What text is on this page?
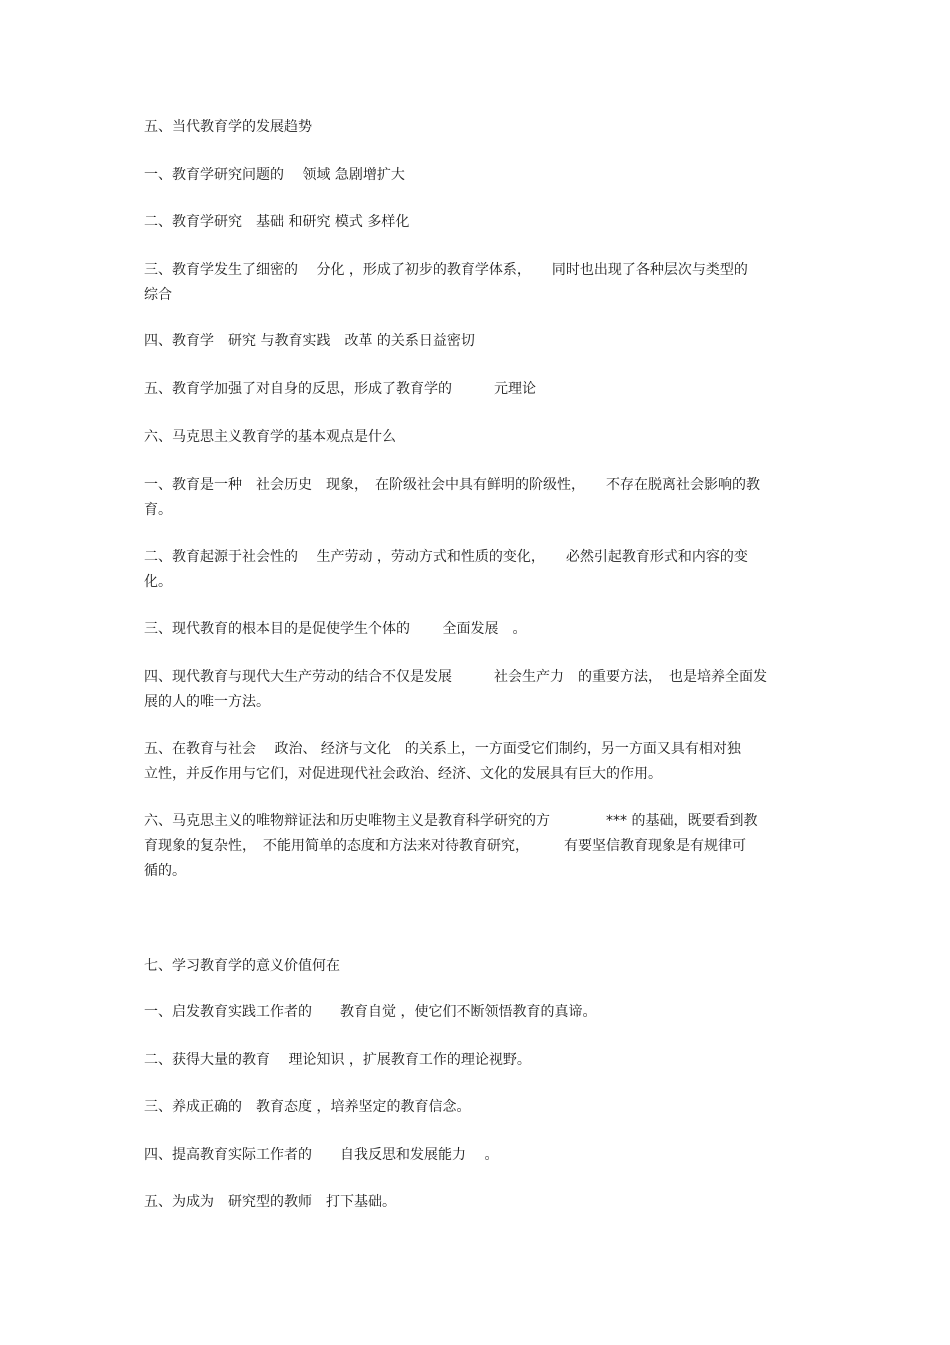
五、当代教育学的发展趋势

一、教育学研究问题的　 领域 急剧增扩大

二、教育学研究　基础 和研究 模式 多样化

三、教育学发生了细密的　 分化 ，形成了初步的教育学体系，　　同时也出现了各种层次与类型的

综合

四、教育学　研究 与教育实践　改革 的关系日益密切

五、教育学加强了对自身的反思，形成了教育学的　　　元理论

六、马克思主义教育学的基本观点是什么

一、教育是一种　社会历史　现象，　在阶级社会中具有鲜明的阶级性，　　不存在脱离社会影响的教

育。

二、教育起源于社会性的　 生产劳动 ，劳动方式和性质的变化，　　必然引起教育形式和内容的变

化。

三、现代教育的根本目的是促使学生个体的　　 全面发展　。

四、现代教育与现代大生产劳动的结合不仅是发展　　　社会生产力　的重要方法，　也是培养全面发

展的人的唯一方法。

五、在教育与社会　 政治、 经济与文化　的关系上，一方面受它们制约，另一方面又具有相对独

立性，并反作用与它们，对促进现代社会政治、经济、文化的发展具有巨大的作用。

六、马克思主义的唯物辩证法和历史唯物主义是教育科学研究的方　　　　*** 的基础，既要看到教

育现象的复杂性，　不能用简单的态度和方法来对待教育研究，　　　有要坚信教育现象是有规律可

循的。

七、学习教育学的意义价值何在

一、启发教育实践工作者的　　教育自觉 ，使它们不断领悟教育的真谛。

二、获得大量的教育　 理论知识 ，扩展教育工作的理论视野。

三、养成正确的　教育态度 ，培养坚定的教育信念。

四、提高教育实际工作者的　　自我反思和发展能力　 。

五、为成为　研究型的教师　打下基础。
